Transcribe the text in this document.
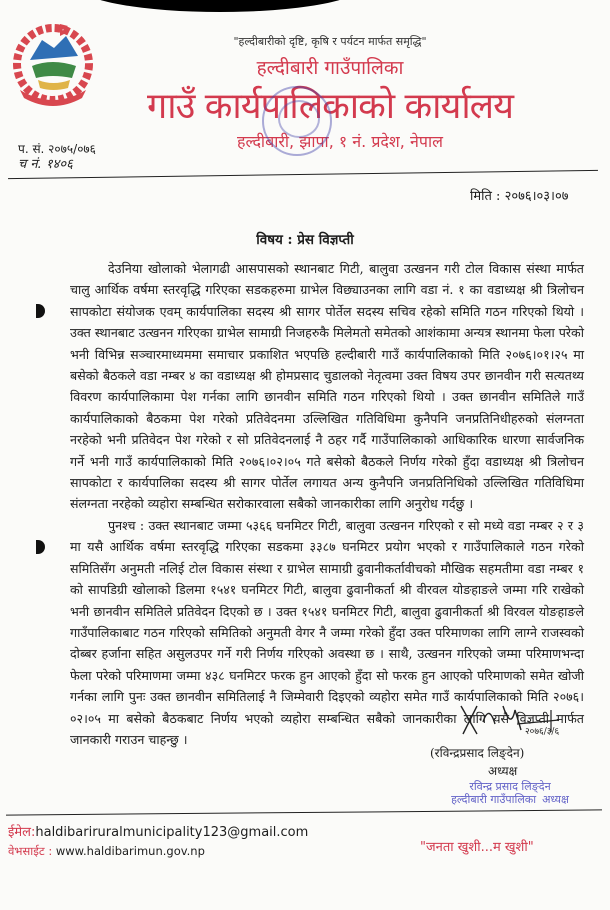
प. सं. २०७५/०७६
च नं. १४०६
"हल्दीबारीको दृष्टि, कृषि र पर्यटन मार्फत समृद्धि"
हल्दीबारी गाउँपालिका
गाउँ कार्यपालिकाको कार्यालय
हल्दीबारी, झापा, १ नं. प्रदेश, नेपाल
मिति : २०७६।०३।०७
विषय : प्रेस विज्ञप्ती

देउनिया खोलाको भेलागढी आसपासको स्थानबाट गिटी, बालुवा उत्खनन गरी टोल विकास संस्था मार्फत चालु आर्थिक वर्षमा स्तरवृद्धि गरिएका सडकहरुमा ग्राभेल विछ्याउनका लागि वडा नं. १ का वडाध्यक्ष श्री त्रिलोचन सापकोटा संयोजक एवम् कार्यपालिका सदस्य श्री सागर पोर्तेल सदस्य सचिव रहेको समिति गठन गरिएको थियो । उक्त स्थानबाट उत्खनन गरिएका ग्राभेल सामाग्री निजहरुकै मिलेमतो समेतको आशंकामा अन्यत्र स्थानमा फेला परेको भनी विभिन्न सञ्चारमाध्यममा समाचार प्रकाशित भएपछि हल्दीबारी गाउँ कार्यपालिकाको मिति २०७६।०१।२५ मा बसेको बैठकले वडा नम्बर ४ का वडाध्यक्ष श्री होमप्रसाद चुडालको नेतृत्वमा उक्त विषय उपर छानवीन गरी सत्यतथ्य विवरण कार्यपालिकामा पेश गर्नका लागि छानवीन समिति गठन गरिएको थियो । उक्त छानवीन समितिले गाउँ कार्यपालिकाको बैठकमा पेश गरेको प्रतिवेदनमा उल्लिखित गतिविधिमा कुनैपनि जनप्रतिनिधीहरुको संलग्नता नरहेको भनी प्रतिवेदन पेश गरेको र सो प्रतिवेदनलाई नै ठहर गर्दै गाउँपालिकाको आधिकारिक धारणा सार्वजनिक गर्ने भनी गाउँ कार्यपालिकाको मिति २०७६।०२।०५ गते बसेको बैठकले निर्णय गरेको हुँदा वडाध्यक्ष श्री त्रिलोचन सापकोटा र कार्यपालिका सदस्य श्री सागर पोर्तेल लगायत अन्य कुनैपनि जनप्रतिनिधिको उल्लिखित गतिविधिमा संलग्नता नरहेको व्यहोरा सम्बन्धित सरोकारवाला सबैको जानकारीका लागि अनुरोध गर्दछु ।

पुनश्च : उक्त स्थानबाट जम्मा ५३६६ घनमिटर गिटी, बालुवा उत्खनन गरिएको र सो मध्ये वडा नम्बर २ र ३ मा यसै आर्थिक वर्षमा स्तरवृद्धि गरिएका सडकमा ३३८७ घनमिटर प्रयोग भएको र गाउँपालिकाले गठन गरेको समितिसँग अनुमती नलिई टोल विकास संस्था र ग्राभेल सामाग्री ढुवानीकर्तावीचको मौखिक सहमतीमा वडा नम्बर १ को सापडिग्री खोलाको डिलमा १५४१ घनमिटर गिटी, बालुवा ढुवानीकर्ता श्री वीरवल योङहाङले जम्मा गरि राखेको भनी छानवीन समितिले प्रतिवेदन दिएको छ । उक्त १५४१ घनमिटर गिटी, बालुवा ढुवानीकर्ता श्री विरवल योङहाङले गाउँपालिकाबाट गठन गरिएको समितिको अनुमती वेगर नै जम्मा गरेको हुँदा उक्त परिमाणका लागि लाग्ने राजस्वको दोब्बर हर्जाना सहित असुलउपर गर्ने गरी निर्णय गरिएको अवस्था छ । साथै, उत्खनन गरिएको जम्मा परिमाणभन्दा फेला परेको परिमाणमा जम्मा ४३८ घनमिटर फरक हुन आएको हुँदा सो फरक हुन आएको परिमाणको समेत खोजी गर्नका लागि पुनः उक्त छानवीन समितिलाई नै जिम्मेवारी दिइएको व्यहोरा समेत गाउँ कार्यपालिकाको मिति २०७६।०२।०५ मा बसेको बैठकबाट निर्णय भएको व्यहोरा सम्बन्धित सबैको जानकारीका लागि यसै विज्ञप्ती मार्फत जानकारी गराउन चाहन्छु ।	२०७६/३/६
(रविन्द्रप्रसाद लिङ्देन)
अध्यक्ष
रविन्द्र प्रसाद लिङ्देन
हल्दीबारी गाउँपालिका अध्यक्ष
ईमेल:haldibariruralmunicipality123@gmail.com
वेभसाईट : www.haldibarimun.gov.np	"जनता खुशी...म खुशी"
